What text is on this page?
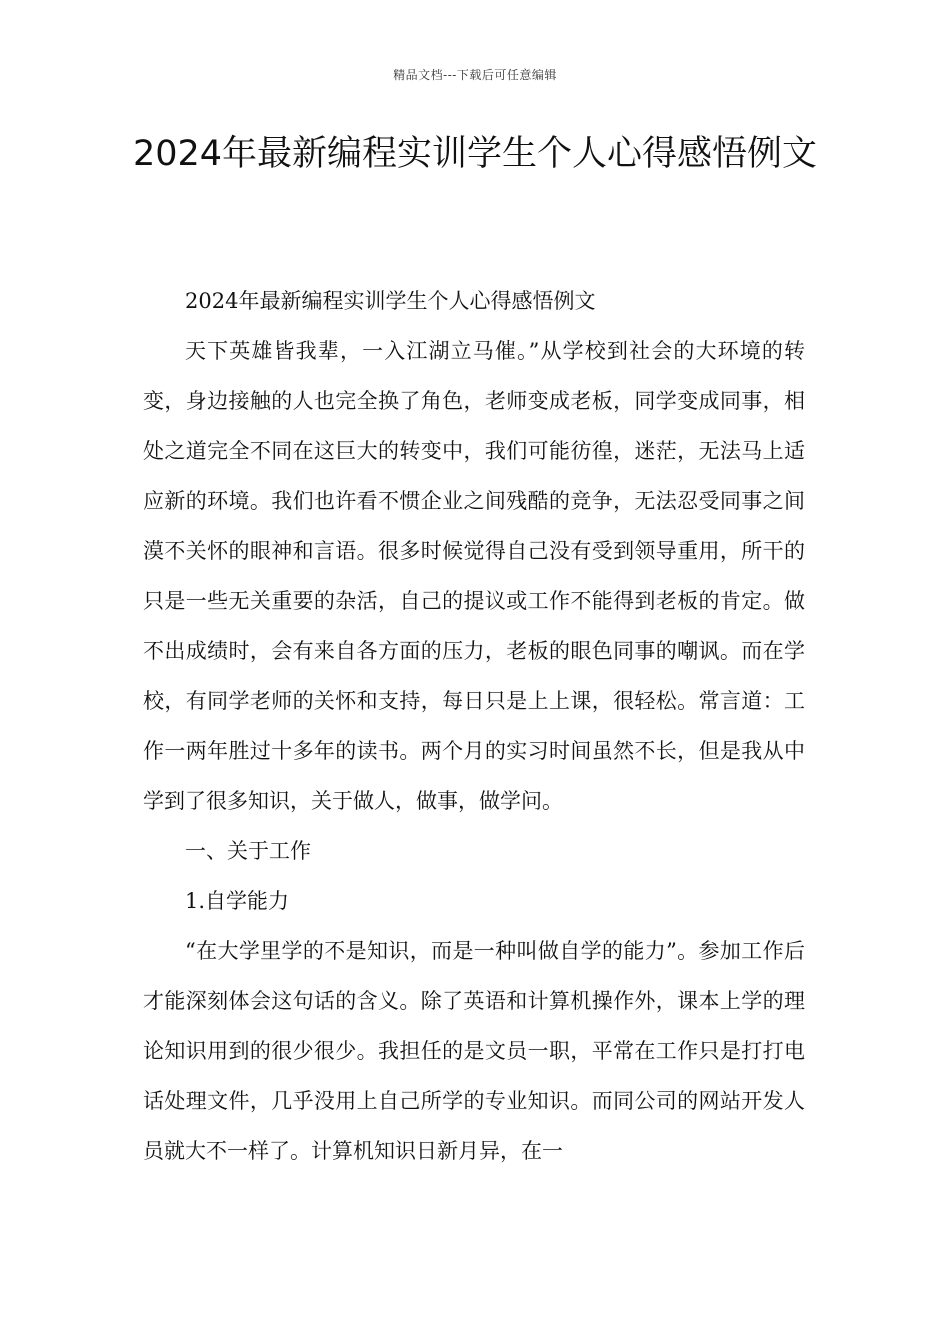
精品文档---下载后可任意编辑
2024年最新编程实训学生个人心得感悟例文

2024年最新编程实训学生个人心得感悟例文

天下英雄皆我辈，一入江湖立马催。”从学校到社会的大环境的转变，身边接触的人也完全换了角色，老师变成老板，同学变成同事，相处之道完全不同在这巨大的转变中，我们可能彷徨，迷茫，无法马上适应新的环境。我们也许看不惯企业之间残酷的竞争，无法忍受同事之间漠不关怀的眼神和言语。很多时候觉得自己没有受到领导重用，所干的只是一些无关重要的杂活，自己的提议或工作不能得到老板的肯定。做不出成绩时，会有来自各方面的压力，老板的眼色同事的嘲讽。而在学校，有同学老师的关怀和支持，每日只是上上课，很轻松。常言道：工作一两年胜过十多年的读书。两个月的实习时间虽然不长，但是我从中学到了很多知识，关于做人，做事，做学问。

一、关于工作

1.自学能力

“在大学里学的不是知识，而是一种叫做自学的能力”。参加工作后才能深刻体会这句话的含义。除了英语和计算机操作外，课本上学的理论知识用到的很少很少。我担任的是文员一职，平常在工作只是打打电话处理文件，几乎没用上自己所学的专业知识。而同公司的网站开发人员就大不一样了。计算机知识日新月异，在一
